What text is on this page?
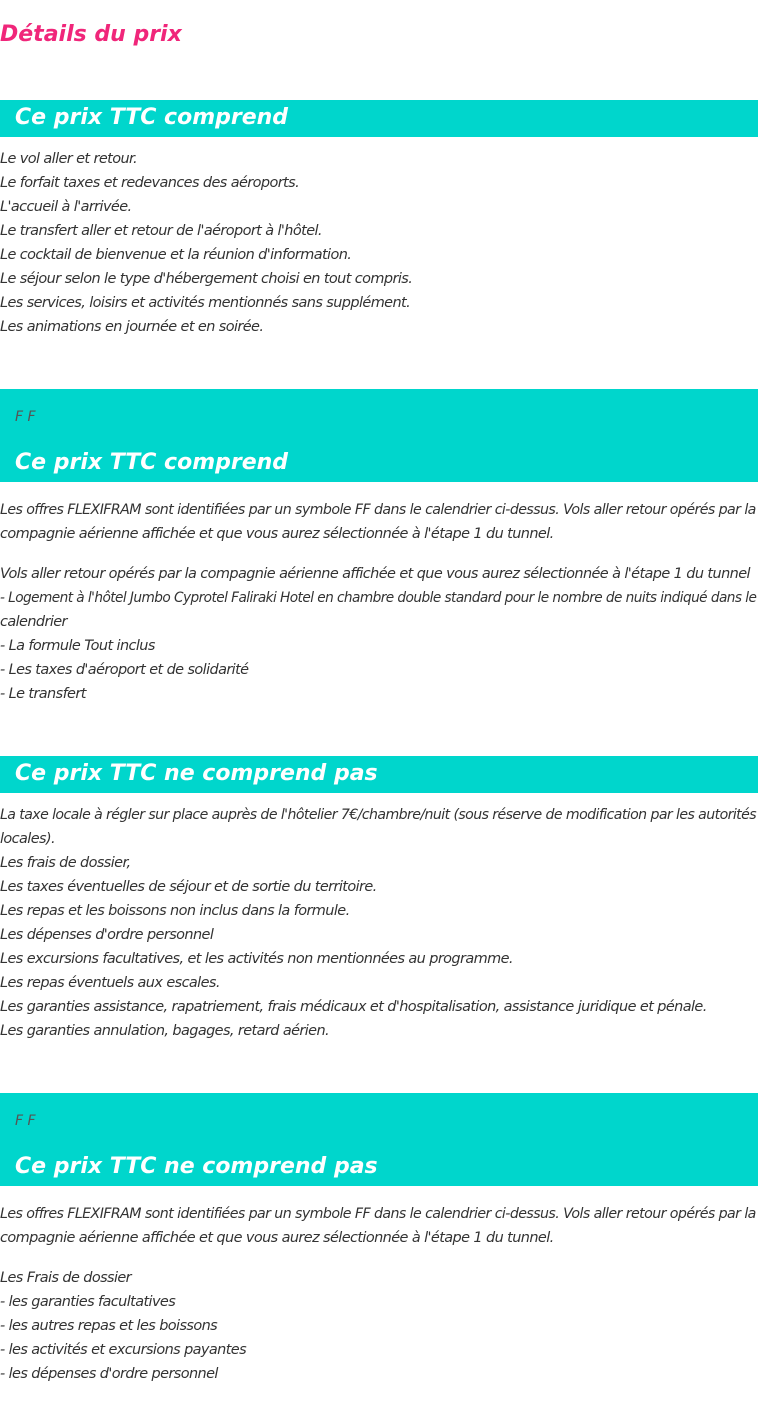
Détails du prix
Ce prix TTC comprend
Le vol aller et retour.
Le forfait taxes et redevances des aéroports.
L'accueil à l'arrivée.
Le transfert aller et retour de l'aéroport à l'hôtel.
Le cocktail de bienvenue et la réunion d'information.
Le séjour selon le type d'hébergement choisi en tout compris.
Les services, loisirs et activités mentionnés sans supplément.
Les animations en journée et en soirée.
F F
Ce prix TTC comprend
Les offres FLEXIFRAM sont identifiées par un symbole FF dans le calendrier ci-dessus. Vols aller retour opérés par la
compagnie aérienne affichée et que vous aurez sélectionnée à l'étape 1 du tunnel.
Vols aller retour opérés par la compagnie aérienne affichée et que vous aurez sélectionnée à l'étape 1 du tunnel
- Logement à l'hôtel Jumbo Cyprotel Faliraki Hotel en chambre double standard pour le nombre de nuits indiqué dans le
calendrier
- La formule Tout inclus
- Les taxes d'aéroport et de solidarité
- Le transfert
Ce prix TTC ne comprend pas
La taxe locale à régler sur place auprès de l'hôtelier 7€/chambre/nuit (sous réserve de modification par les autorités
locales).
Les frais de dossier,
Les taxes éventuelles de séjour et de sortie du territoire.
Les repas et les boissons non inclus dans la formule.
Les dépenses d'ordre personnel
Les excursions facultatives, et les activités non mentionnées au programme.
Les repas éventuels aux escales.
Les garanties assistance, rapatriement, frais médicaux et d'hospitalisation, assistance juridique et pénale.
Les garanties annulation, bagages, retard aérien.
F F
Ce prix TTC ne comprend pas
Les offres FLEXIFRAM sont identifiées par un symbole FF dans le calendrier ci-dessus. Vols aller retour opérés par la
compagnie aérienne affichée et que vous aurez sélectionnée à l'étape 1 du tunnel.
Les Frais de dossier
- les garanties facultatives
- les autres repas et les boissons
- les activités et excursions payantes
- les dépenses d'ordre personnel
